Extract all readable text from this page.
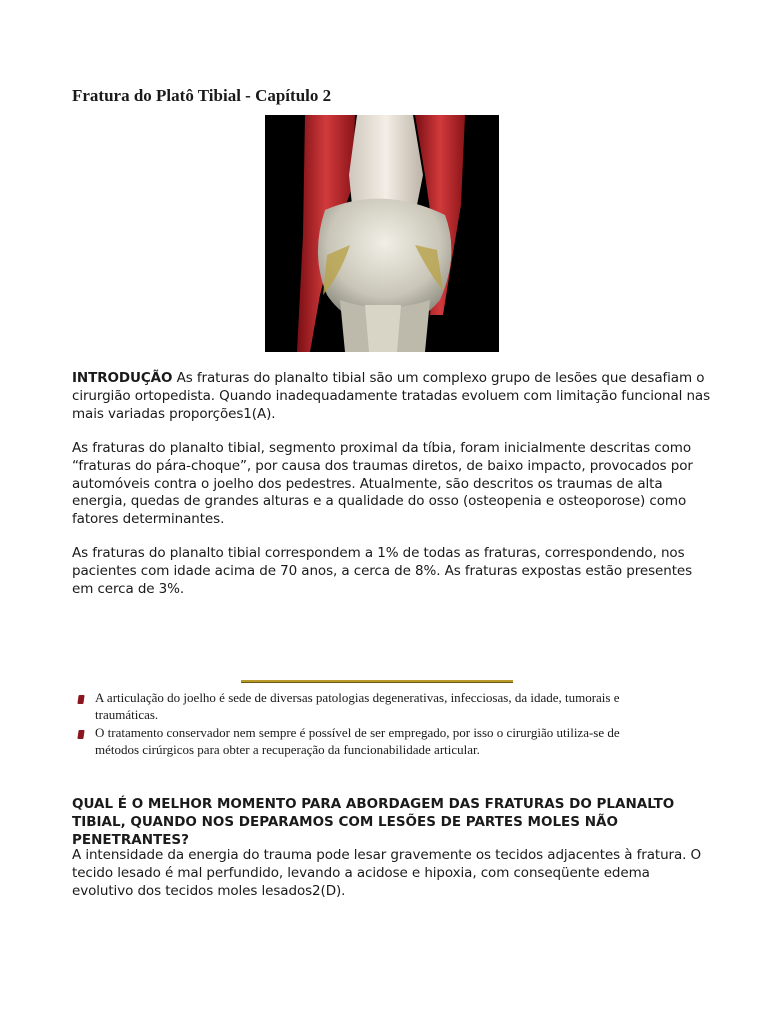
Fratura do Platô Tibial - Capítulo 2
INTRODUÇÃO As fraturas do planalto tibial são um complexo grupo de lesões que desafiam o cirurgião ortopedista. Quando inadequadamente tratadas evoluem com limitação funcional nas mais variadas proporções1(A).
As fraturas do planalto tibial, segmento proximal da tíbia, foram inicialmente descritas como “fraturas do pára-choque”, por causa dos traumas diretos, de baixo impacto, provocados por automóveis contra o joelho dos pedestres. Atualmente, são descritos os traumas de alta energia, quedas de grandes alturas e a qualidade do osso (osteopenia e osteoporose) como fatores determinantes.
As fraturas do planalto tibial correspondem a 1% de todas as fraturas, correspondendo, nos pacientes com idade acima de 70 anos, a cerca de 8%. As fraturas expostas estão presentes em cerca de 3%.
A articulação do joelho é sede de diversas patologias degenerativas, infecciosas, da idade, tumorais e traumáticas.
O tratamento conservador nem sempre é possível de ser empregado, por isso o cirurgião utiliza-se de métodos cirúrgicos para obter a recuperação da funcionabilidade articular.
QUAL É O MELHOR MOMENTO PARA ABORDAGEM DAS FRATURAS DO PLANALTO TIBIAL, QUANDO NOS DEPARAMOS COM LESÕES DE PARTES MOLES NÃO PENETRANTES?
A intensidade da energia do trauma pode lesar gravemente os tecidos adjacentes à fratura. O tecido lesado é mal perfundido, levando a acidose e hipoxia, com conseqüente edema evolutivo dos tecidos moles lesados2(D).
